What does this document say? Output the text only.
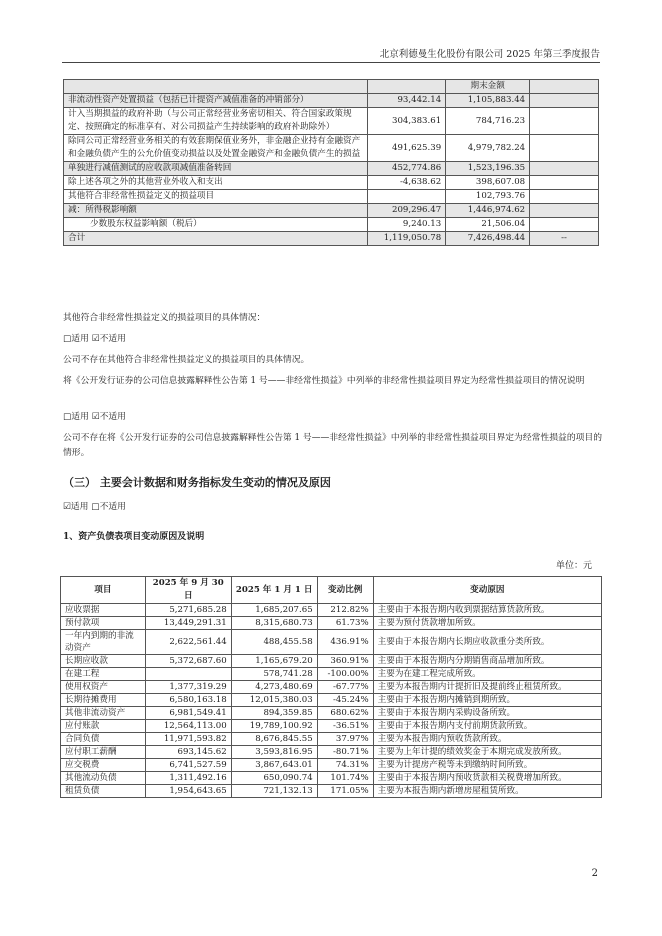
北京利德曼生化股份有限公司 2025 年第三季度报告
		期末金额	
非流动性资产处置损益（包括已计提资产减值准备的冲销部分）	93,442.14	1,105,883.44	
计入当期损益的政府补助（与公司正常经营业务密切相关、符合国家政策规定、按照确定的标准享有、对公司损益产生持续影响的政府补助除外）	304,383.61	784,716.23	
除同公司正常经营业务相关的有效套期保值业务外，非金融企业持有金融资产和金融负债产生的公允价值变动损益以及处置金融资产和金融负债产生的损益	491,625.39	4,979,782.24	
单独进行减值测试的应收款项减值准备转回	452,774.86	1,523,196.35	
除上述各项之外的其他营业外收入和支出	-4,638.62	398,607.08	
其他符合非经常性损益定义的损益项目		102,793.76	
减：所得税影响额	209,296.47	1,446,974.62	
少数股东权益影响额（税后）	9,240.13	21,506.04	
合计	1,119,050.78	7,426,498.44	--
其他符合非经常性损益定义的损益项目的具体情况：
□适用 ☑不适用
公司不存在其他符合非经常性损益定义的损益项目的具体情况。
将《公开发行证券的公司信息披露解释性公告第 1 号——非经常性损益》中列举的非经常性损益项目界定为经常性损益项目的情况说明
□适用 ☑不适用
公司不存在将《公开发行证券的公司信息披露解释性公告第 1 号——非经常性损益》中列举的非经常性损益项目界定为经常性损益的项目的情形。
（三） 主要会计数据和财务指标发生变动的情况及原因
☑适用 □不适用
1、资产负债表项目变动原因及说明
单位：元
项目	2025 年 9 月 30 日	2025 年 1 月 1 日	变动比例	变动原因
应收票据	5,271,685.28	1,685,207.65	212.82%	主要由于本报告期内收到票据结算货款所致。
预付款项	13,449,291.31	8,315,680.73	61.73%	主要为预付货款增加所致。
一年内到期的非流动资产	2,622,561.44	488,455.58	436.91%	主要由于本报告期内长期应收款重分类所致。
长期应收款	5,372,687.60	1,165,679.20	360.91%	主要由于本报告期内分期销售商品增加所致。
在建工程		578,741.28	-100.00%	主要为在建工程完成所致。
使用权资产	1,377,319.29	4,273,480.69	-67.77%	主要为本报告期内计提折旧及提前终止租赁所致。
长期待摊费用	6,580,163.18	12,015,380.03	-45.24%	主要由于本报告期内摊销到期所致。
其他非流动资产	6,981,549.41	894,359.85	680.62%	主要由于本报告期内采购设备所致。
应付账款	12,564,113.00	19,789,100.92	-36.51%	主要由于本报告期内支付前期货款所致。
合同负债	11,971,593.82	8,676,845.55	37.97%	主要为本报告期内预收货款所致。
应付职工薪酬	693,145.62	3,593,816.95	-80.71%	主要为上年计提的绩效奖金于本期完成发放所致。
应交税费	6,741,527.59	3,867,643.01	74.31%	主要为计提房产税等未到缴纳时间所致。
其他流动负债	1,311,492.16	650,090.74	101.74%	主要由于本报告期内预收货款相关税费增加所致。
租赁负债	1,954,643.65	721,132.13	171.05%	主要为本报告期内新增房屋租赁所致。
2
